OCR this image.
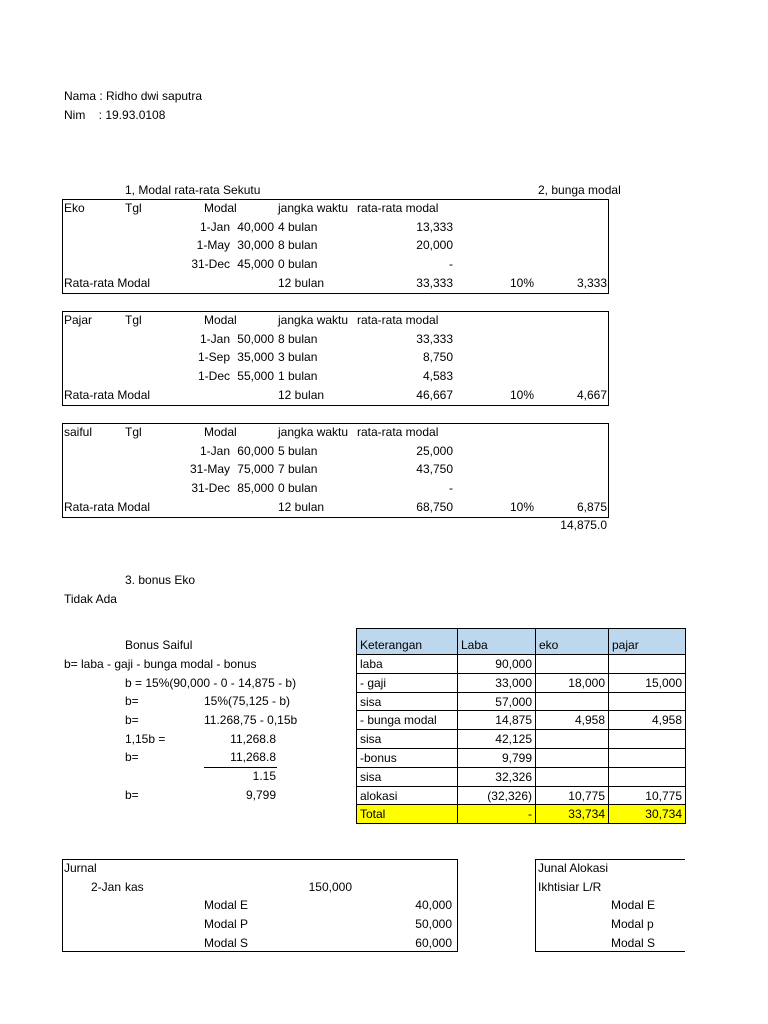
Nama : Ridho dwi saputra
Nim    : 19.93.0108
1, Modal rata-rata Sekutu	2, bunga modal
Eko	Tgl	Modal	jangka waktu rata-rata modal
1-Jan 40,000 4 bulan	13,333
1-May 30,000 8 bulan	20,000
31-Dec 45,000 0 bulan	-
Rata-rata Modal	12 bulan	33,333	10%	3,333
Pajar	Tgl	Modal	jangka waktu rata-rata modal
1-Jan 50,000 8 bulan	33,333
1-Sep 35,000 3 bulan	8,750
1-Dec 55,000 1 bulan	4,583
Rata-rata Modal	12 bulan	46,667	10%	4,667
saiful	Tgl	Modal	jangka waktu rata-rata modal
1-Jan 60,000 5 bulan	25,000
31-May 75,000 7 bulan	43,750
31-Dec 85,000 0 bulan	-
Rata-rata Modal	12 bulan	68,750	10%	6,875
14,875.0
3. bonus Eko
Tidak Ada
Bonus Saiful
b= laba - gaji - bunga modal - bonus
b = 15%(90,000 - 0 - 14,875 - b)
b=	15%(75,125 - b)
b=	11.268,75 - 0,15b
1,15b =	11,268.8
b=	11,268.8
1.15
b=	9,799
Keterangan	Laba	eko	pajar
laba	90,000
- gaji	33,000	18,000	15,000
sisa	57,000
- bunga modal	14,875	4,958	4,958
sisa	42,125
-bonus	9,799
sisa	32,326
alokasi	(32,326)	10,775	10,775
Total	-	33,734	30,734
Jurnal
2-Jan kas	150,000
Modal E	40,000
Modal P	50,000
Modal S	60,000
Junal Alokasi
Ikhtisiar L/R
Modal E
Modal p
Modal S
